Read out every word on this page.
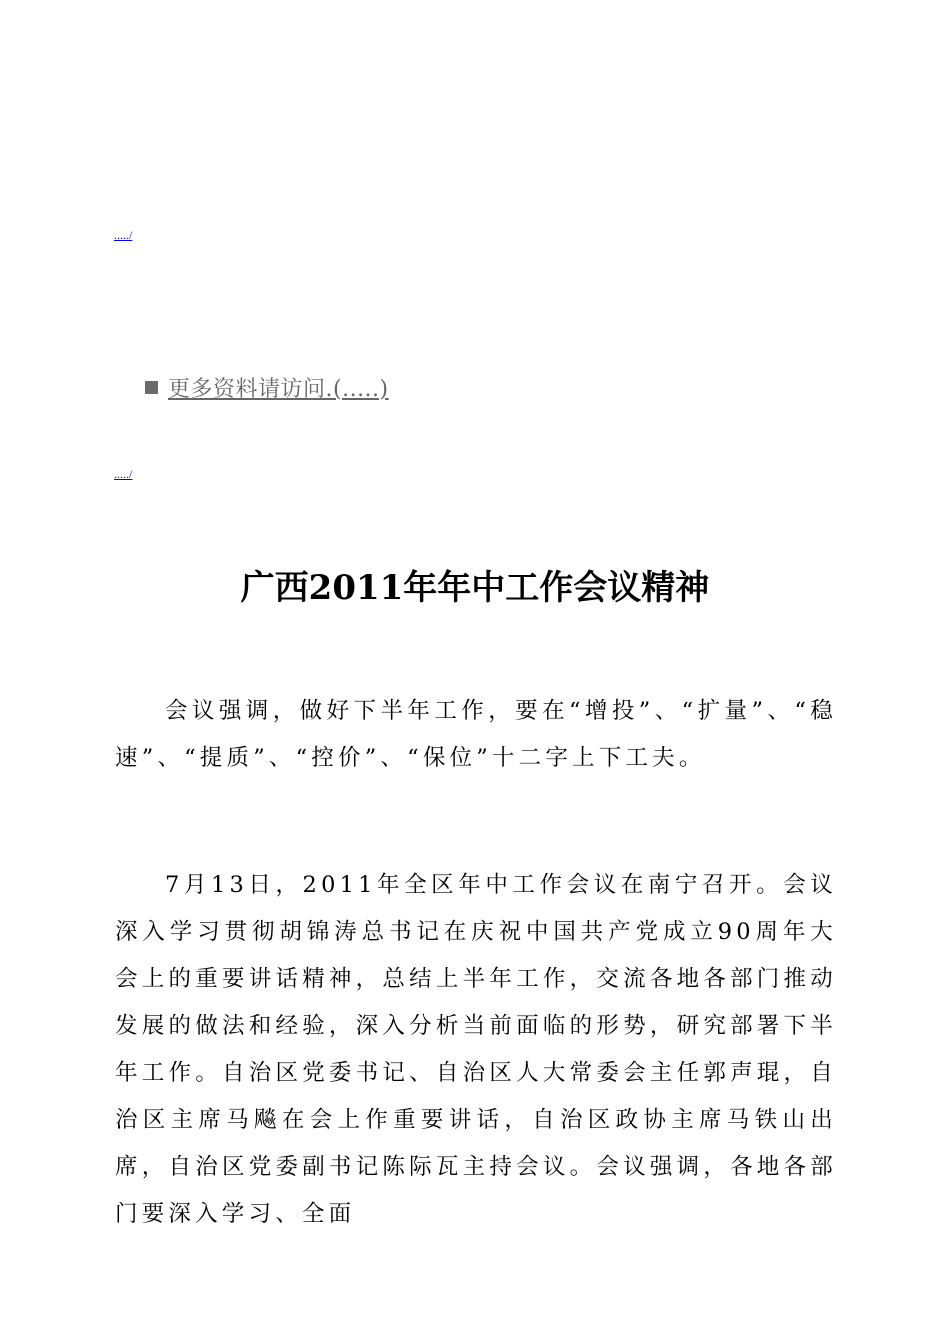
...../
更多资料请访问.(.....)
...../
广西2011年年中工作会议精神

会议强调，做好下半年工作，要在“增投”、“扩量”、“稳速”、“提质”、“控价”、“保位”十二字上下工夫。

7月13日，2011年全区年中工作会议在南宁召开。会议深入学习贯彻胡锦涛总书记在庆祝中国共产党成立90周年大会上的重要讲话精神，总结上半年工作，交流各地各部门推动发展的做法和经验，深入分析当前面临的形势，研究部署下半年工作。自治区党委书记、自治区人大常委会主任郭声琨，自治区主席马飚在会上作重要讲话，自治区政协主席马铁山出席，自治区党委副书记陈际瓦主持会议。会议强调，各地各部门要深入学习、全面
